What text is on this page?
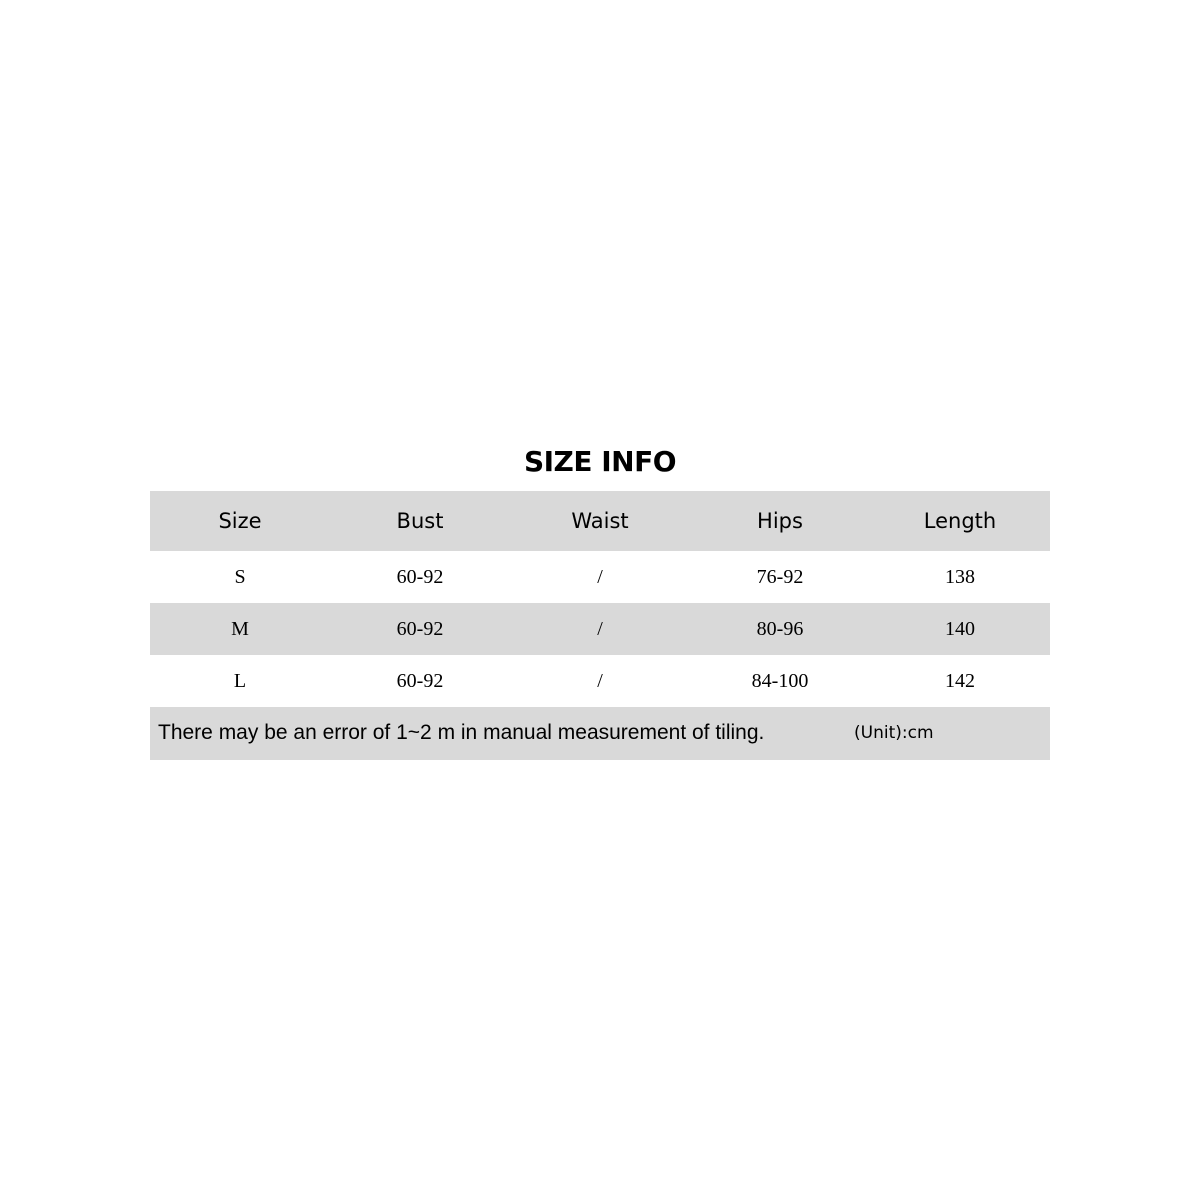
SIZE INFO
Size	Bust	Waist	Hips	Length
S	60-92	/	76-92	138
M	60-92	/	80-96	140
L	60-92	/	84-100	142
There may be an error of 1~2 m in manual measurement of tiling.	(Unit):cm
